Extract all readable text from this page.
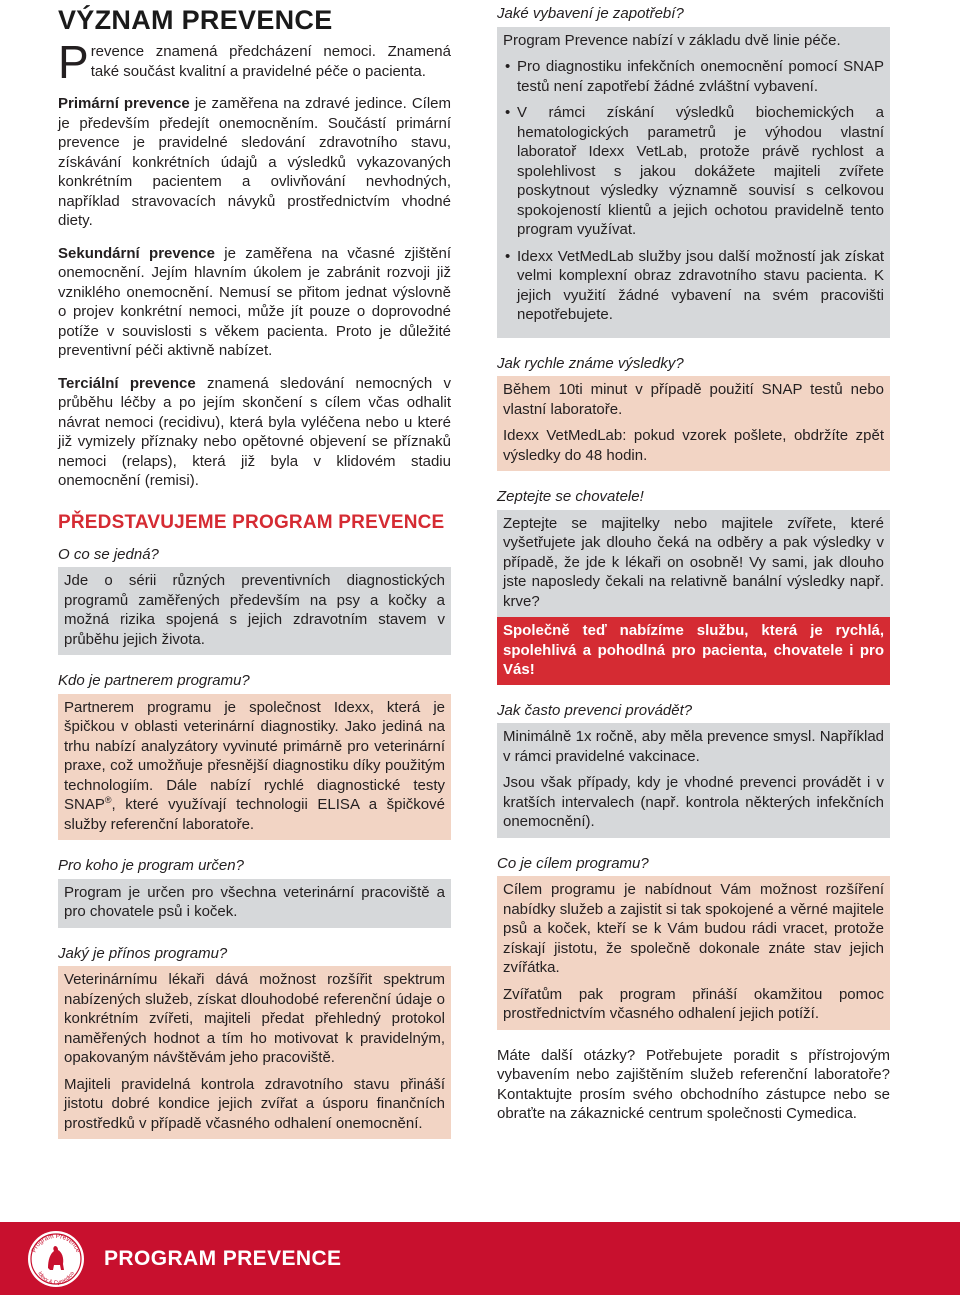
VÝZNAM PREVENCE

Prevence znamená předcházení nemoci. Znamená také součást kvalitní a pravidelné péče o pacienta.

Primární prevence je zaměřena na zdravé jedince. Cílem je především předejít onemocněním. Součástí primární prevence je pravidelné sledování zdravotního stavu, získávání konkrétních údajů a výsledků vykazovaných konkrétním pacientem a ovlivňování nevhodných, například stravovacích návyků prostřednictvím vhodné diety.

Sekundární prevence je zaměřena na včasné zjištění onemocnění. Jejím hlavním úkolem je zabránit rozvoji již vzniklého onemocnění. Nemusí se přitom jednat výslovně o projev konkrétní nemoci, může jít pouze o doprovodné potíže v souvislosti s věkem pacienta. Proto je důležité preventivní péči aktivně nabízet.

Terciální prevence znamená sledování nemocných v průběhu léčby a po jejím skončení s cílem včas odhalit návrat nemoci (recidivu), která byla vyléčena nebo u které již vymizely příznaky nebo opětovné objevení se příznaků nemoci (relaps), která již byla v klidovém stadiu onemocnění (remisi).

PŘEDSTAVUJEME PROGRAM PREVENCE

O co se jedná?

Jde o sérii různých preventivních diagnostických programů zaměřených především na psy a kočky a možná rizika spojená s jejich zdravotním stavem v průběhu jejich života.

Kdo je partnerem programu?

Partnerem programu je společnost Idexx, která je špičkou v oblasti veterinární diagnostiky. Jako jediná na trhu nabízí analyzátory vyvinuté primárně pro veterinární praxe, což umožňuje přesnější diagnostiku díky použitým technologiím. Dále nabízí rychlé diagnostické testy SNAP®, které využívají technologii ELISA a špičkové služby referenční laboratoře.

Pro koho je program určen?

Program je určen pro všechna veterinární pracoviště a pro chovatele psů i koček.

Jaký je přínos programu?

Veterinárnímu lékaři dává možnost rozšířit spektrum nabízených služeb, získat dlouhodobé referenční údaje o konkrétním zvířeti, majiteli předat přehledný protokol naměřených hodnot a tím ho motivovat k pravidelným, opakovaným návštěvám jeho pracoviště.

Majiteli pravidelná kontrola zdravotního stavu přináší jistotu dobré kondice jejich zvířat a úsporu finančních prostředků v případě včasného odhalení onemocnění.

Jaké vybavení je zapotřebí?

Program Prevence nabízí v základu dvě linie péče.

• Pro diagnostiku infekčních onemocnění pomocí SNAP testů není zapotřebí žádné zvláštní vybavení.
• V rámci získání výsledků biochemických a hematologických parametrů je výhodou vlastní laboratoř Idexx VetLab, protože právě rychlost a spolehlivost s jakou dokážete majiteli zvířete poskytnout výsledky významně souvisí s celkovou spokojeností klientů a jejich ochotou pravidelně tento program využívat.
• Idexx VetMedLab služby jsou další možností jak získat velmi komplexní obraz zdravotního stavu pacienta. K jejich využití žádné vybavení na svém pracovišti nepotřebujete.

Jak rychle známe výsledky?

Během 10ti minut v případě použití SNAP testů nebo vlastní laboratoře.

Idexx VetMedLab: pokud vzorek pošlete, obdržíte zpět výsledky do 48 hodin.

Zeptejte se chovatele!

Zeptejte se majitelky nebo majitele zvířete, které vyšetřujete jak dlouho čeká na odběry a pak výsledky v případě, že jde k lékaři on osobně! Vy sami, jak dlouho jste naposledy čekali na relativně banální výsledky např. krve?

Společně teď nabízíme službu, která je rychlá, spolehlivá a pohodlná pro pacienta, chovatele i pro Vás!

Jak často prevenci provádět?

Minimálně 1x ročně, aby měla prevence smysl. Například v rámci pravidelné vakcinace.

Jsou však případy, kdy je vhodné prevenci provádět i v kratších intervalech (např. kontrola některých infekčních onemocnění).

Co je cílem programu?

Cílem programu je nabídnout Vám možnost rozšíření nabídky služeb a zajistit si tak spokojené a věrné majitele psů a koček, kteří se k Vám budou rádi vracet, protože získají jistotu, že společně dokonale znáte stav jejich zvířátka.

Zvířatům pak program přináší okamžitou pomoc prostřednictvím včasného odhalení jejich potíží.

Máte další otázky? Potřebujete poradit s přístrojovým vybavením nebo zajištěním služeb referenční laboratoře? Kontaktujte prosím svého obchodního zástupce nebo se obraťte na zákaznické centrum společnosti Cymedica.

Program Prevence
Idexx & Cymedica
PROGRAM PREVENCE
